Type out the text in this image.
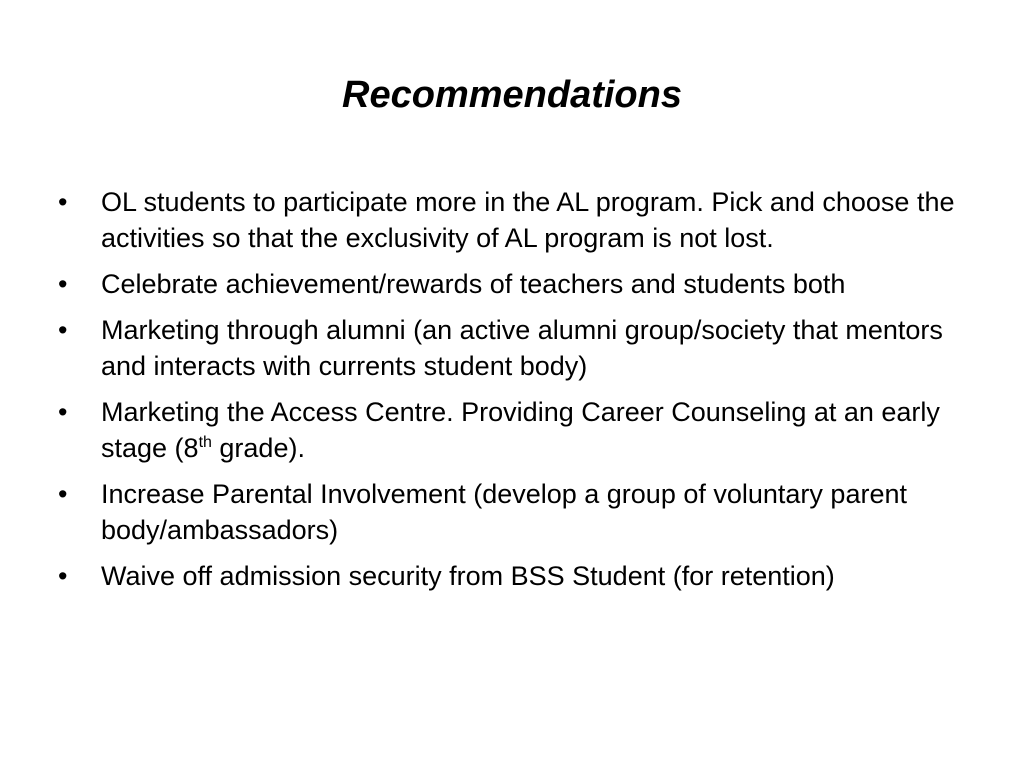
Recommendations
•	OL students to participate more in the AL program. Pick and choose the activities so that the exclusivity of AL program is not lost.
•	Celebrate achievement/rewards of teachers and students both
•	Marketing through alumni (an active alumni group/society that mentors and interacts with currents student body)
•	Marketing the Access Centre. Providing Career Counseling at an early stage (8th grade).
•	Increase Parental Involvement (develop a group of voluntary parent body/ambassadors)
•	Waive off admission security from BSS Student (for retention)
